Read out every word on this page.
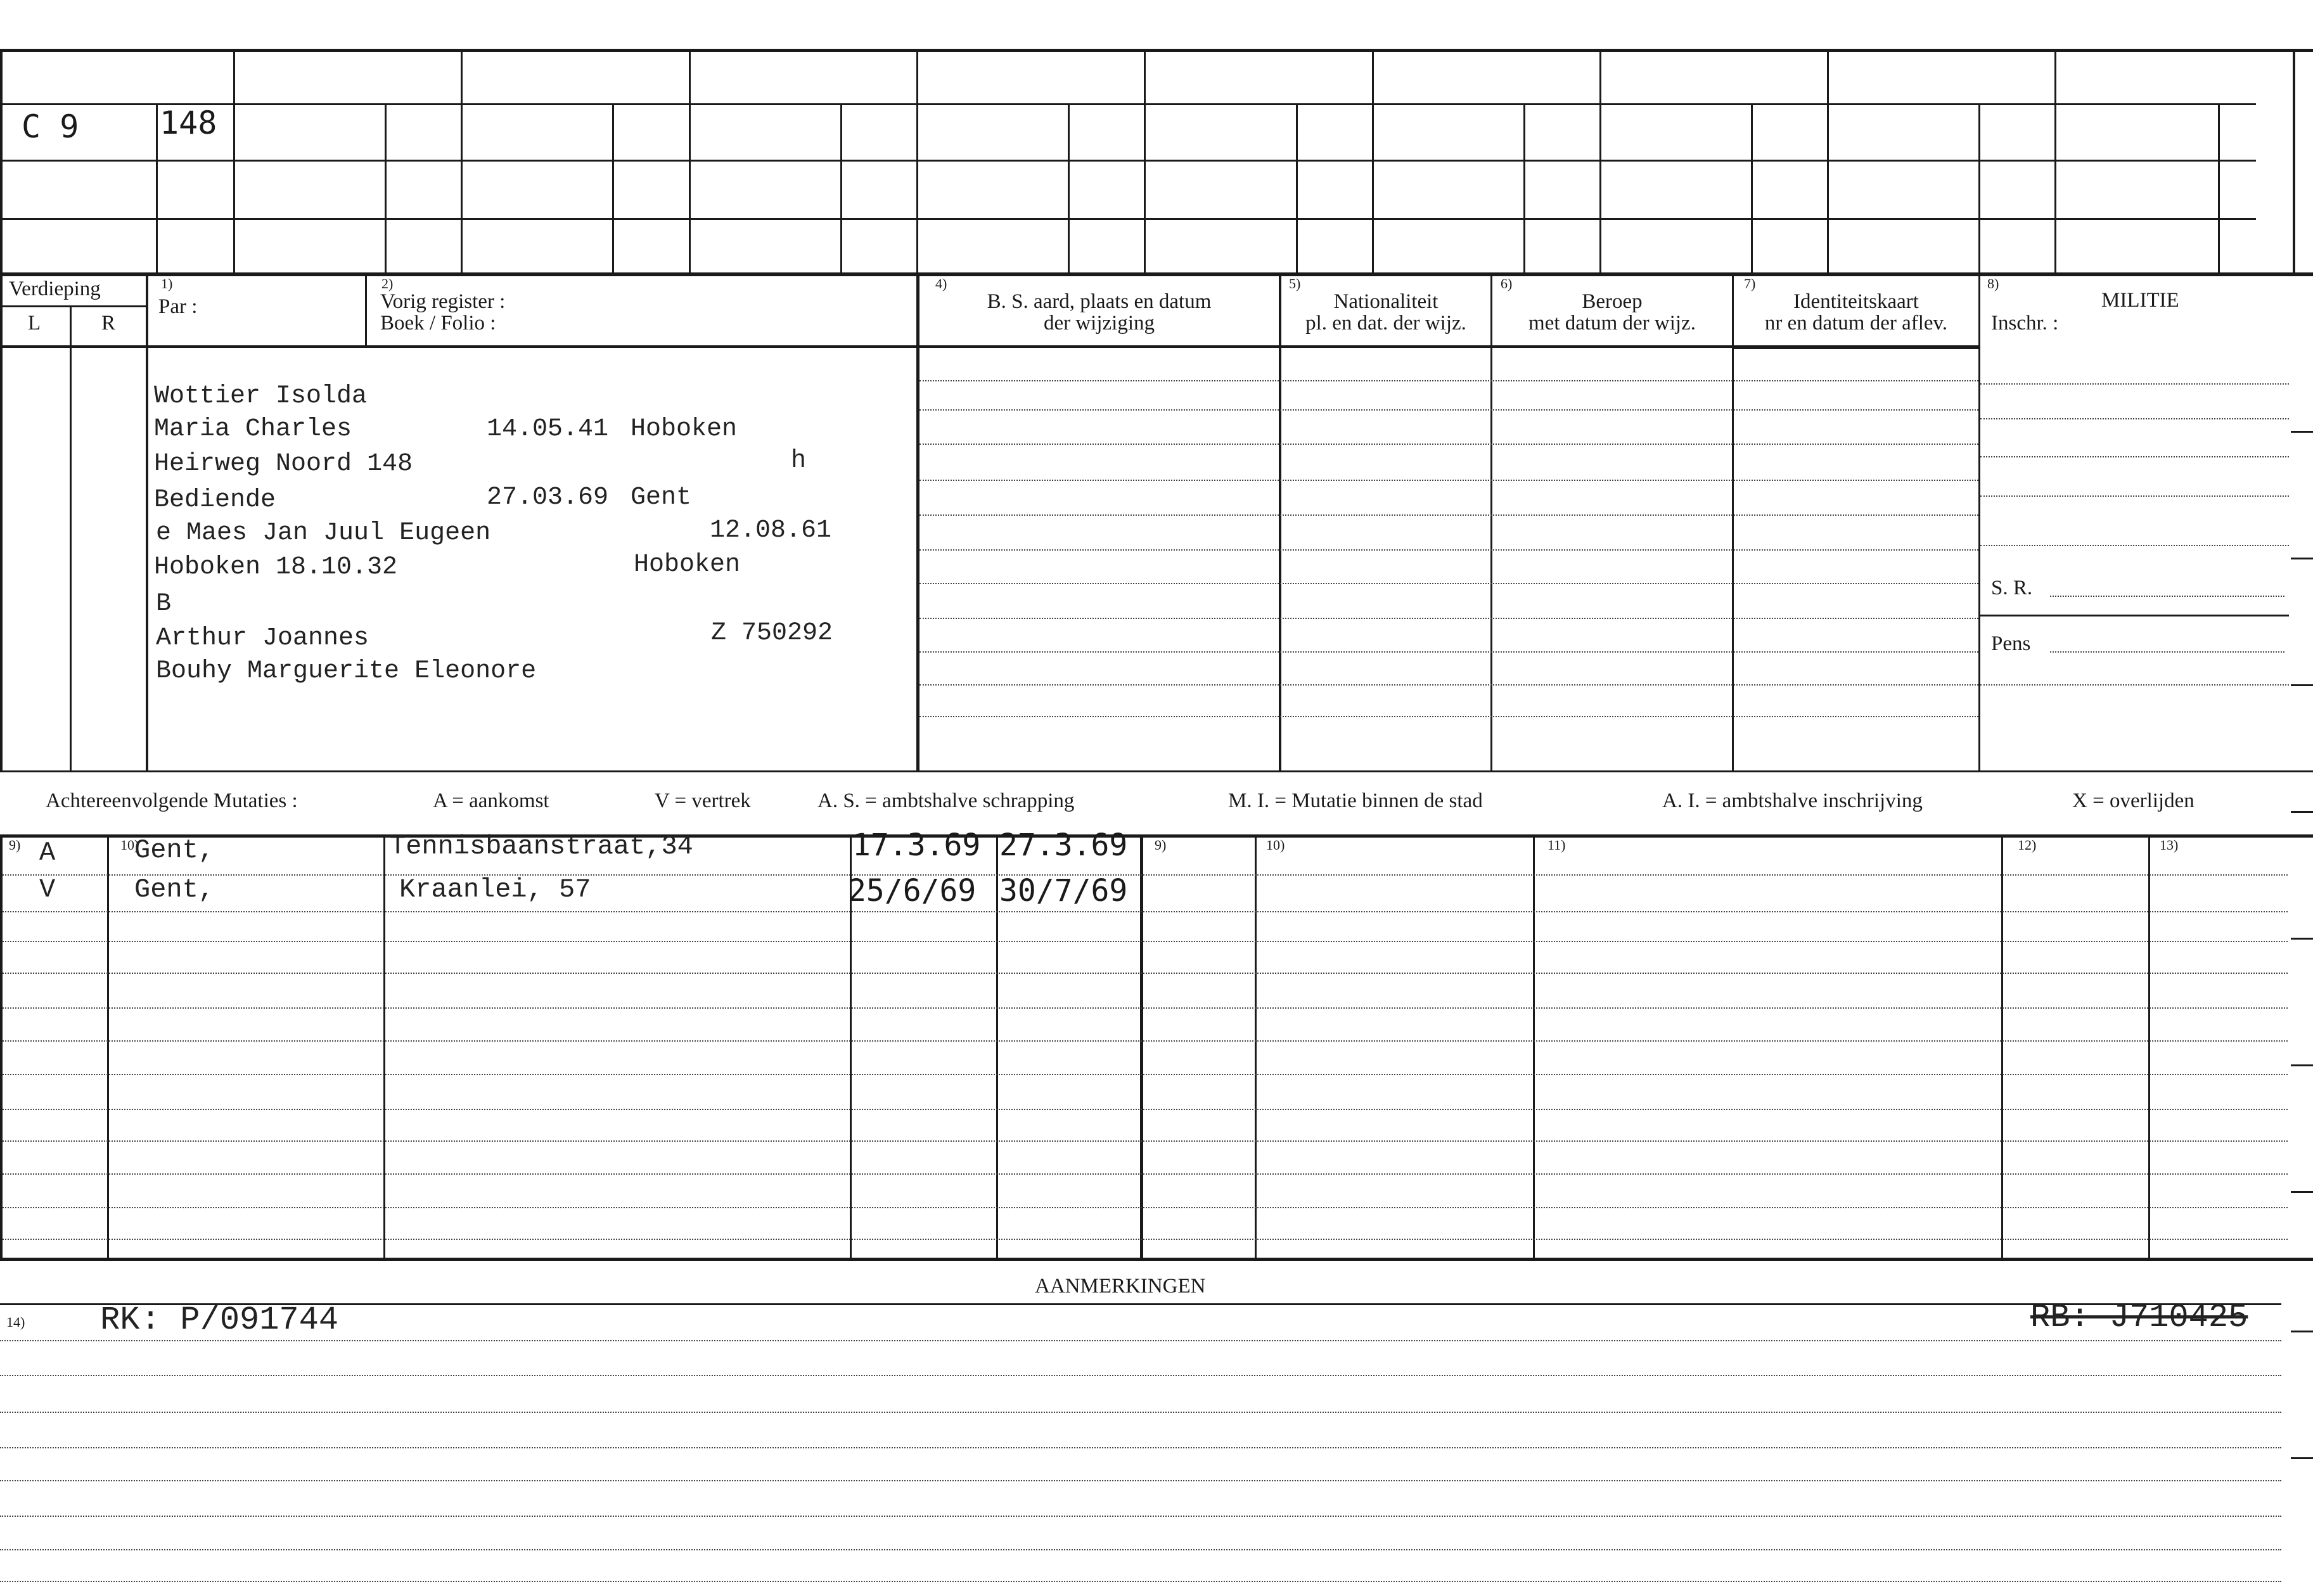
C 9	148
Verdieping
L	R
1)
Par :
2)
Vorig register :
Boek / Folio :
4)
B. S. aard, plaats en datum
der wijziging
5)
Nationaliteit
pl. en dat. der wijz.
6)
Beroep
met datum der wijz.
7)
Identiteitskaart
nr en datum der aflev.
8)
MILITIE
Inschr. :
S. R.
Pens
Wottier Isolda
Maria Charles	14.05.41 Hoboken
Heirweg Noord 148	h
Bediende	27.03.69 Gent
e Maes Jan Juul Eugeen	12.08.61
Hoboken 18.10.32	Hoboken
B
Arthur Joannes	Z 750292
Bouhy Marguerite Eleonore
Achtereenvolgende Mutaties :	A = aankomst	V = vertrek	A. S. = ambtshalve schrapping	M. I. = Mutatie binnen de stad	A. I. = ambtshalve inschrijving	X = overlijden
9)	10)	9)	10)	11)	12)	13)
A	Gent,	Tennisbaanstraat,34	17.3.69 27.3.69
V	Gent,	Kraanlei, 57	25/6/69 30/7/69
AANMERKINGEN
14) RK : P/091744	RB: J710425
